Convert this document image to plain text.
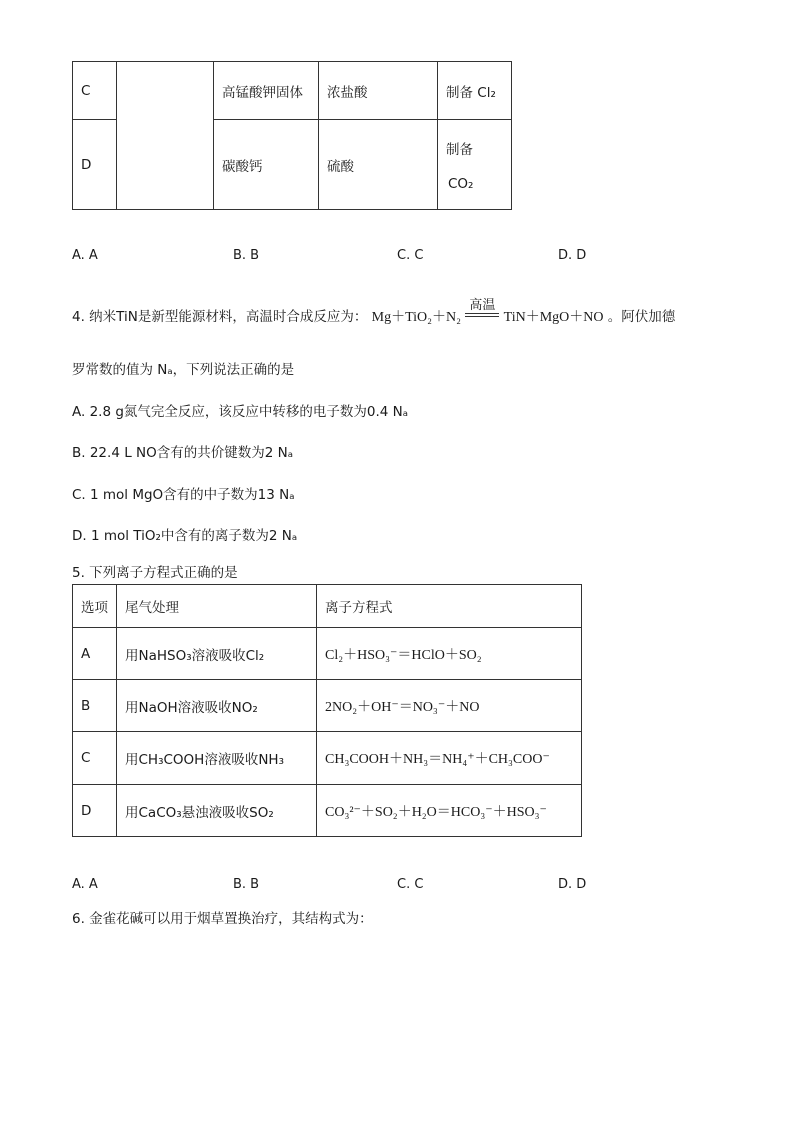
C		高锰酸钾固体	浓盐酸	制备 Cl₂
D		碳酸钙	硫酸	制备
CO₂
A. A	B. B	C. C	D. D
4. 纳米TiN是新型能源材料，高温时合成反应为： Mg＋TiO₂＋N₂
高温
TiN＋MgO＋NO 。阿伏加德
罗常数的值为 Nₐ，下列说法正确的是
A. 2.8 g氮气完全反应，该反应中转移的电子数为0.4 Nₐ
B. 22.4 L NO含有的共价键数为2 Nₐ
C. 1 mol MgO含有的中子数为13 Nₐ
D. 1 mol TiO₂中含有的离子数为2 Nₐ
5. 下列离子方程式正确的是
选项	尾气处理	离子方程式
A	用NaHSO₃溶液吸收Cl₂	Cl₂＋HSO₃⁻＝HClO＋SO₂
B	用NaOH溶液吸收NO₂	2NO₂＋OH⁻＝NO₃⁻＋NO
C	用CH₃COOH溶液吸收NH₃	CH₃COOH＋NH₃＝NH₄⁺＋CH₃COO⁻
D	用CaCO₃悬浊液吸收SO₂	CO₃²⁻＋SO₂＋H₂O＝HCO₃⁻＋HSO₃⁻
A. A	B. B	C. C	D. D
6. 金雀花碱可以用于烟草置换治疗，其结构式为：
